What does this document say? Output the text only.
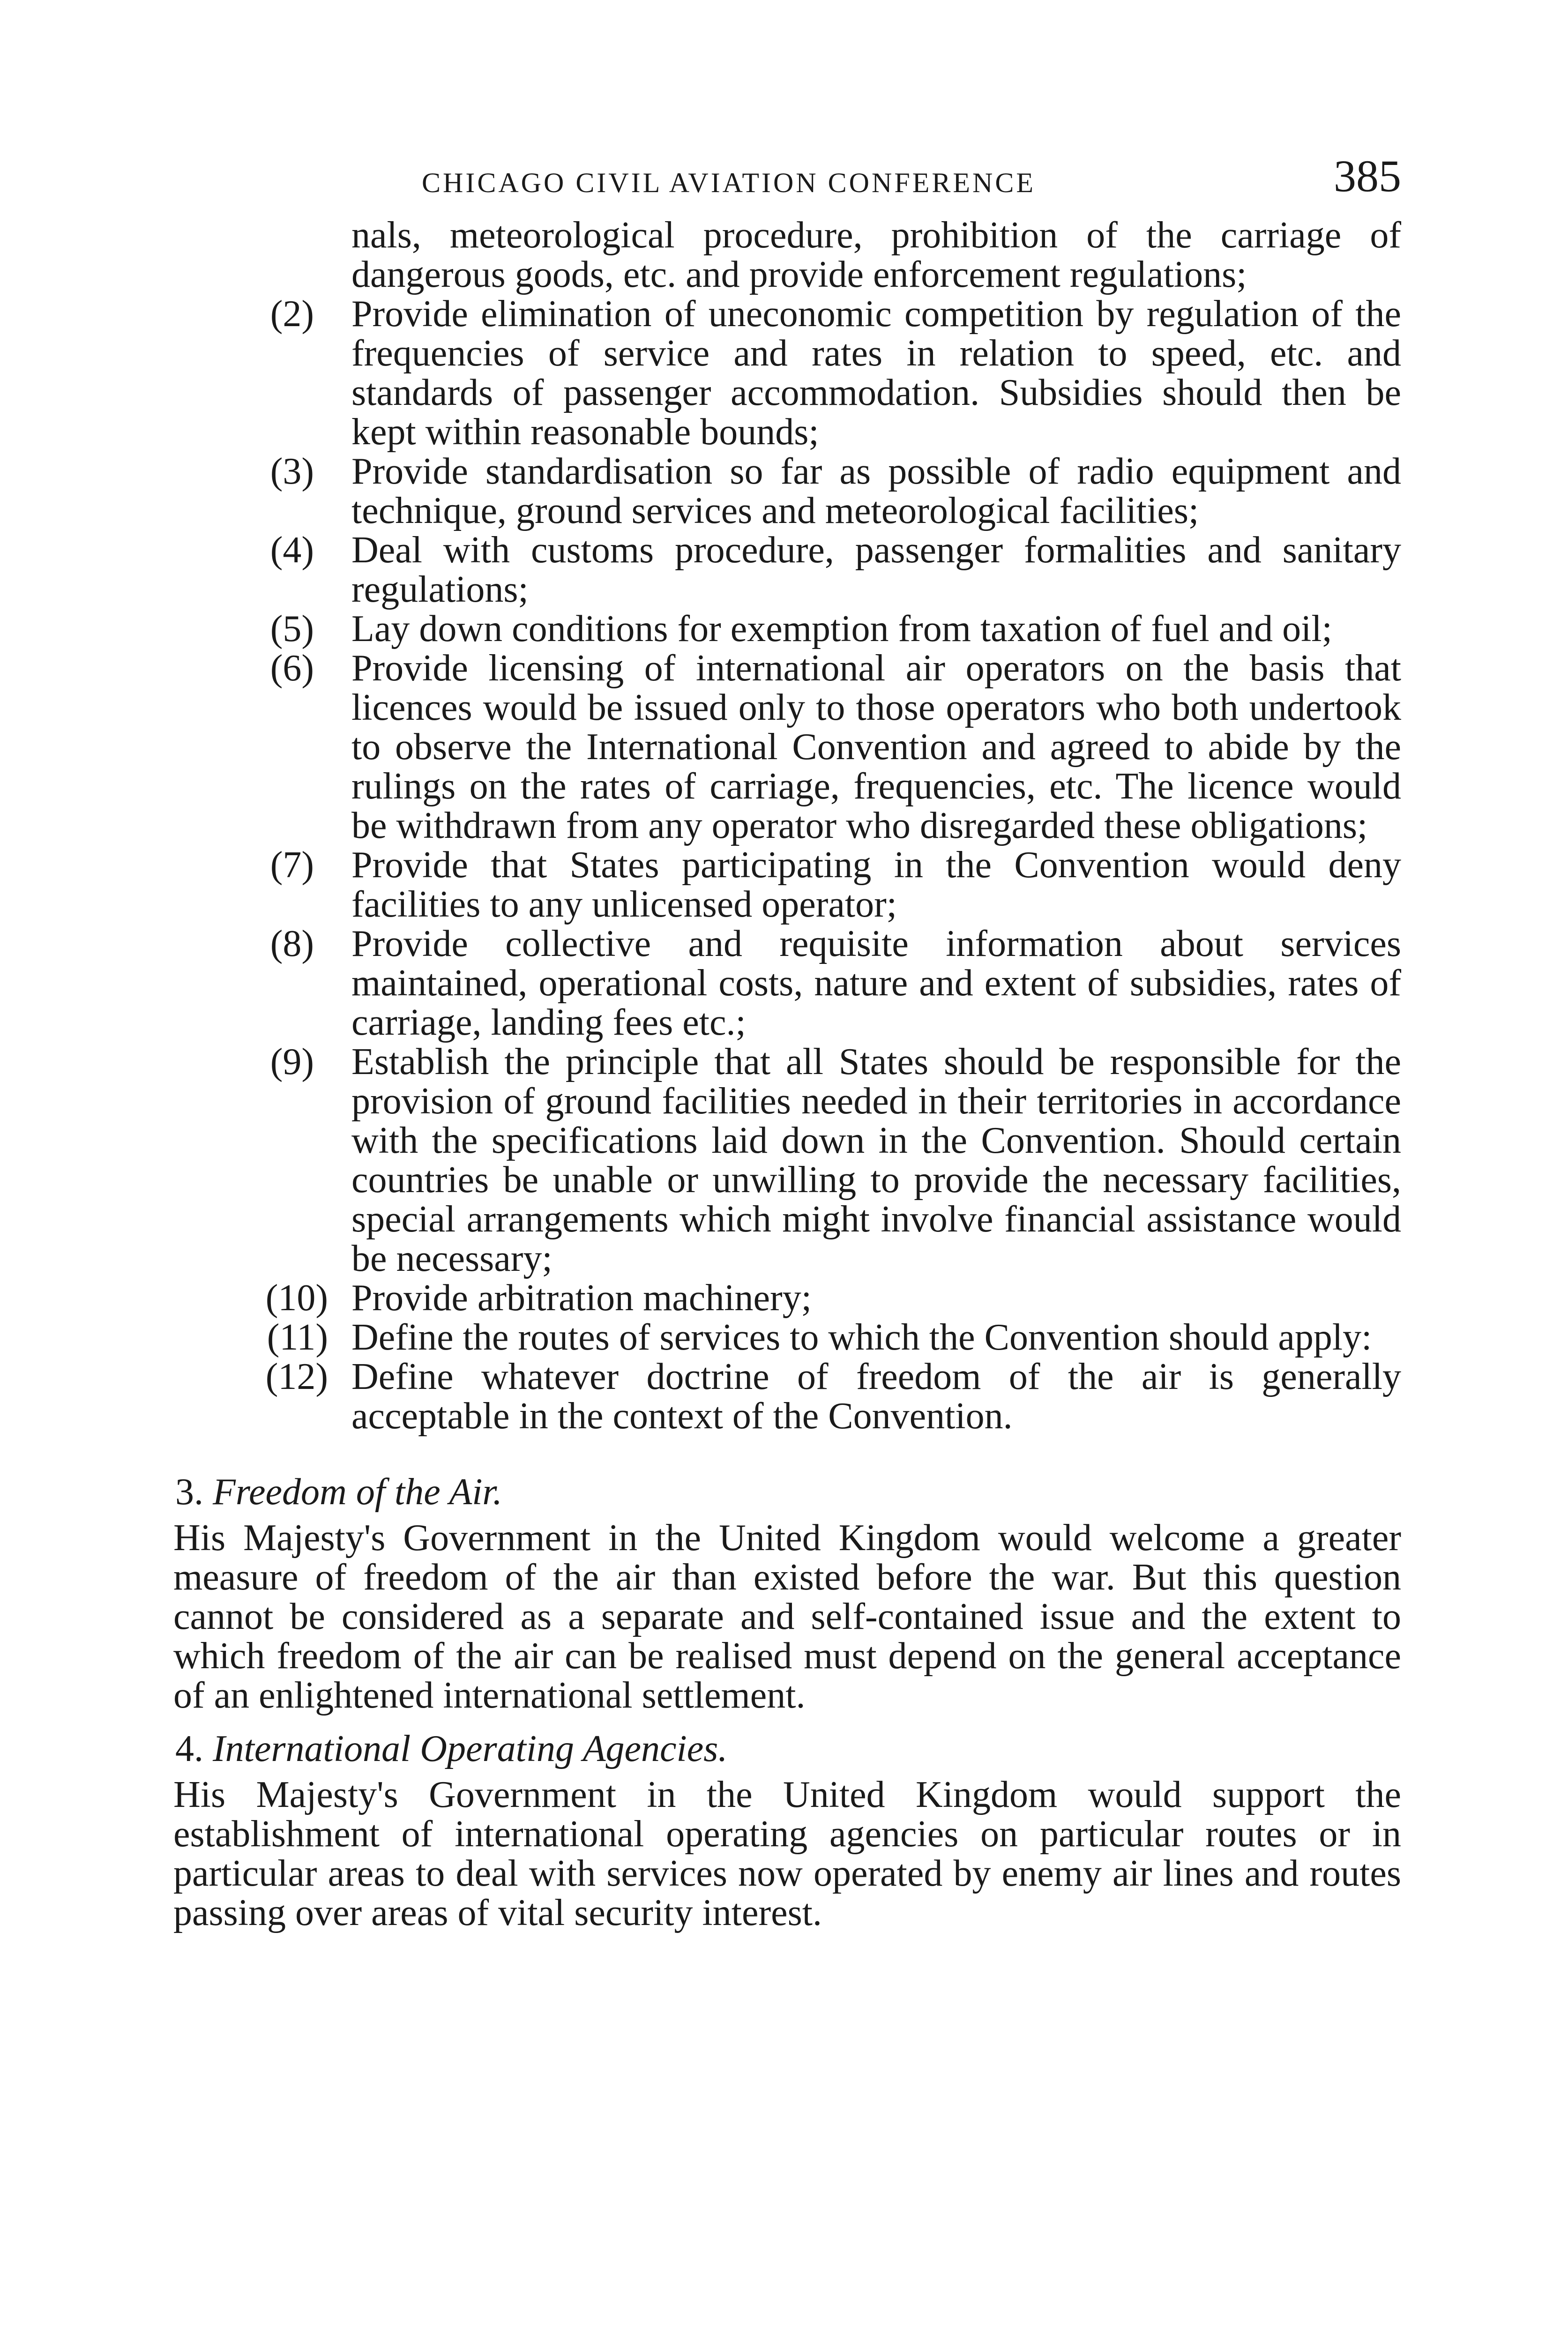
CHICAGO CIVIL AVIATION CONFERENCE	385
nals, meteorological procedure, prohibition of the carriage of dangerous goods, etc. and provide enforcement regulations;
(2) Provide elimination of uneconomic competition by regulation of the frequencies of service and rates in relation to speed, etc. and standards of passenger accommodation. Subsidies should then be kept within reasonable bounds;
(3) Provide standardisation so far as possible of radio equipment and technique, ground services and meteorological facilities;
(4) Deal with customs procedure, passenger formalities and sanitary regulations;
(5) Lay down conditions for exemption from taxation of fuel and oil;
(6) Provide licensing of international air operators on the basis that licences would be issued only to those operators who both undertook to observe the International Convention and agreed to abide by the rulings on the rates of carriage, frequencies, etc. The licence would be withdrawn from any operator who disregarded these obligations;
(7) Provide that States participating in the Convention would deny facilities to any unlicensed operator;
(8) Provide collective and requisite information about services maintained, operational costs, nature and extent of subsidies, rates of carriage, landing fees etc.;
(9) Establish the principle that all States should be responsible for the provision of ground facilities needed in their territories in accordance with the specifications laid down in the Convention. Should certain countries be unable or unwilling to provide the necessary facilities, special arrangements which might involve financial assistance would be necessary;
(10) Provide arbitration machinery;
(11) Define the routes of services to which the Convention should apply:
(12) Define whatever doctrine of freedom of the air is generally acceptable in the context of the Convention.
3. Freedom of the Air.
His Majesty's Government in the United Kingdom would welcome a greater measure of freedom of the air than existed before the war. But this question cannot be considered as a separate and self-contained issue and the extent to which freedom of the air can be realised must depend on the general acceptance of an enlightened international settlement.
4. International Operating Agencies.
His Majesty's Government in the United Kingdom would support the establishment of international operating agencies on particular routes or in particular areas to deal with services now operated by enemy air lines and routes passing over areas of vital security interest.
